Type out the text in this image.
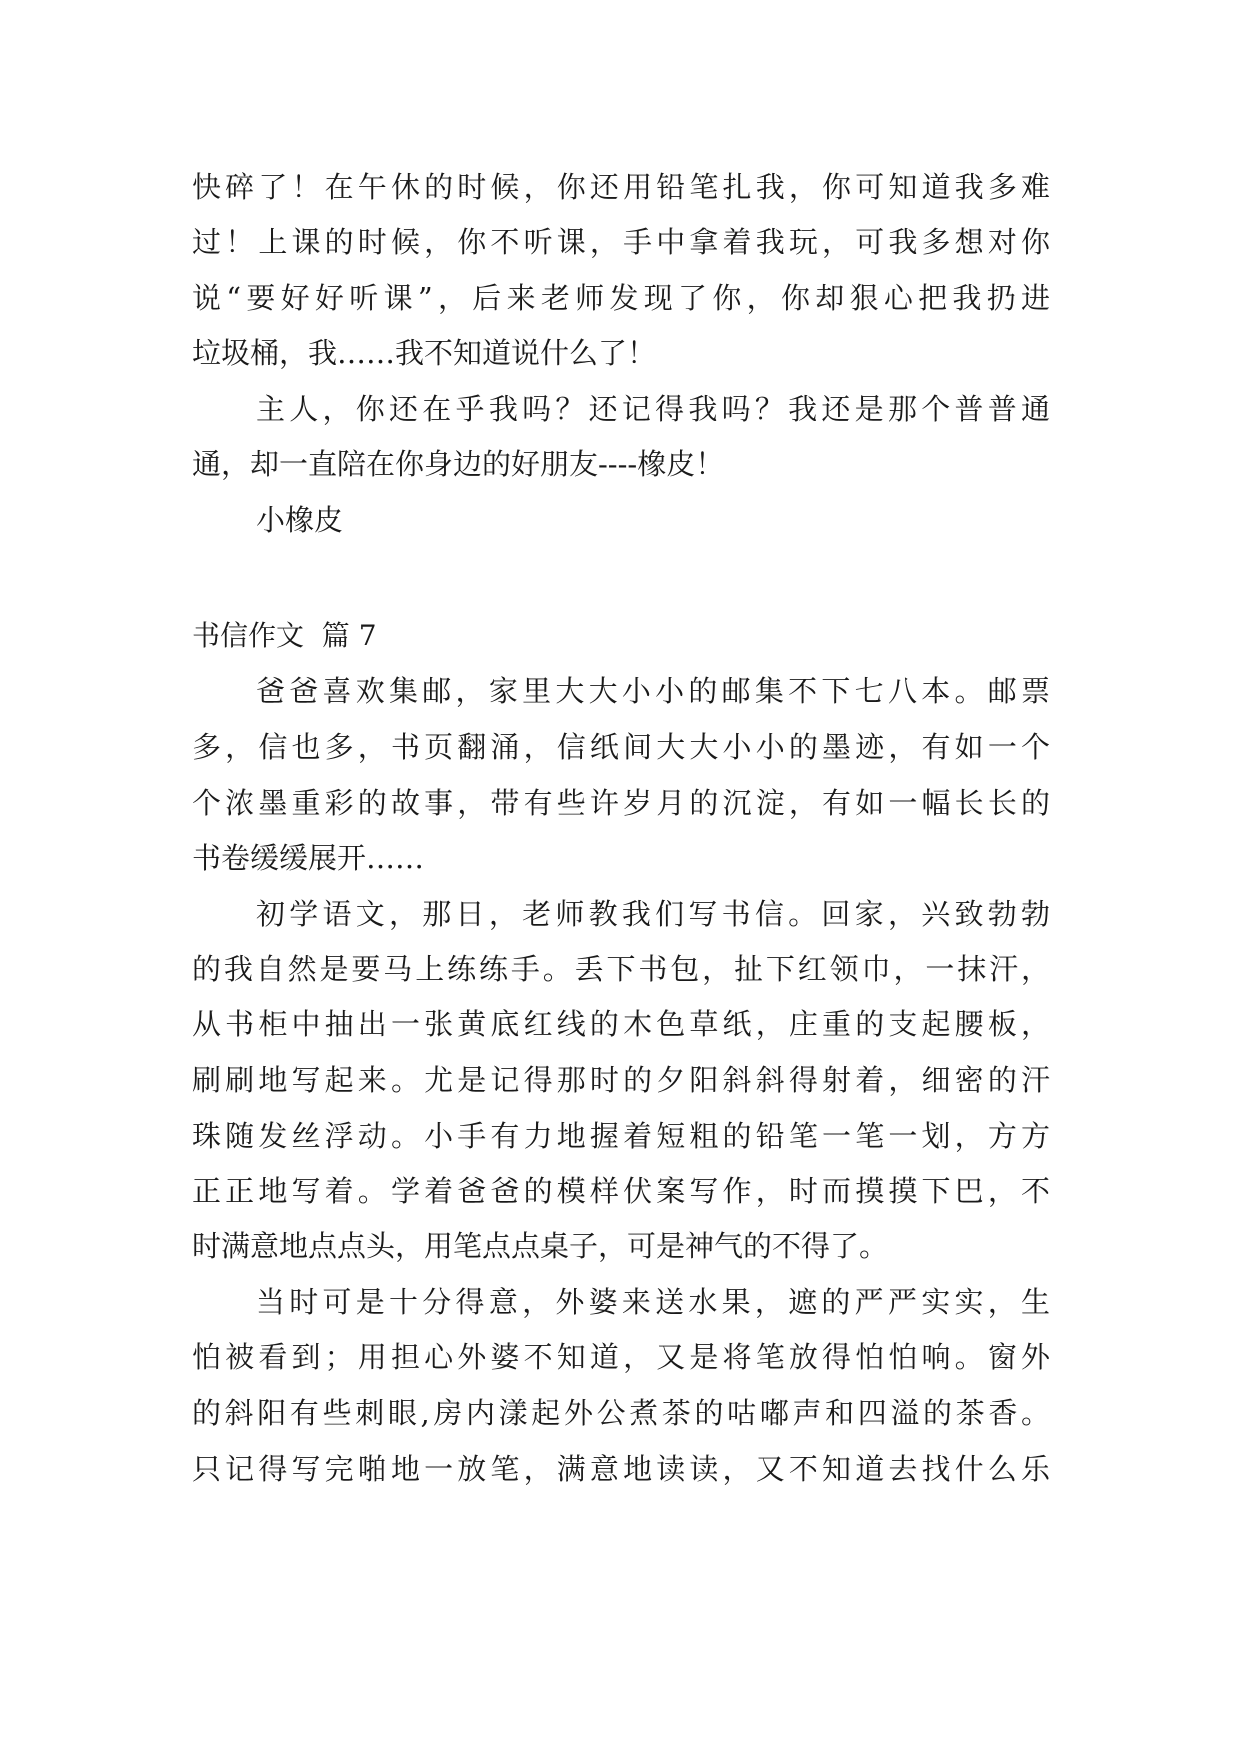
快碎了！在午休的时候，你还用铅笔扎我，你可知道我多难
过！上课的时候，你不听课，手中拿着我玩，可我多想对你
说“要好好听课”，后来老师发现了你，你却狠心把我扔进
垃圾桶，我……我不知道说什么了！
主人，你还在乎我吗？还记得我吗？我还是那个普普通
通，却一直陪在你身边的好朋友----橡皮！
小橡皮
书信作文  篇 7
爸爸喜欢集邮，家里大大小小的邮集不下七八本。邮票
多，信也多，书页翻涌，信纸间大大小小的墨迹，有如一个
个浓墨重彩的故事，带有些许岁月的沉淀，有如一幅长长的
书卷缓缓展开……
初学语文，那日，老师教我们写书信。回家，兴致勃勃
的我自然是要马上练练手。丢下书包，扯下红领巾，一抹汗，
从书柜中抽出一张黄底红线的木色草纸，庄重的支起腰板，
刷刷地写起来。尤是记得那时的夕阳斜斜得射着，细密的汗
珠随发丝浮动。小手有力地握着短粗的铅笔一笔一划，方方
正正地写着。学着爸爸的模样伏案写作，时而摸摸下巴，不
时满意地点点头，用笔点点桌子，可是神气的不得了。
当时可是十分得意，外婆来送水果，遮的严严实实，生
怕被看到；用担心外婆不知道，又是将笔放得怕怕响。窗外
的斜阳有些刺眼,房内漾起外公煮茶的咕嘟声和四溢的茶香。
只记得写完啪地一放笔，满意地读读，又不知道去找什么乐
